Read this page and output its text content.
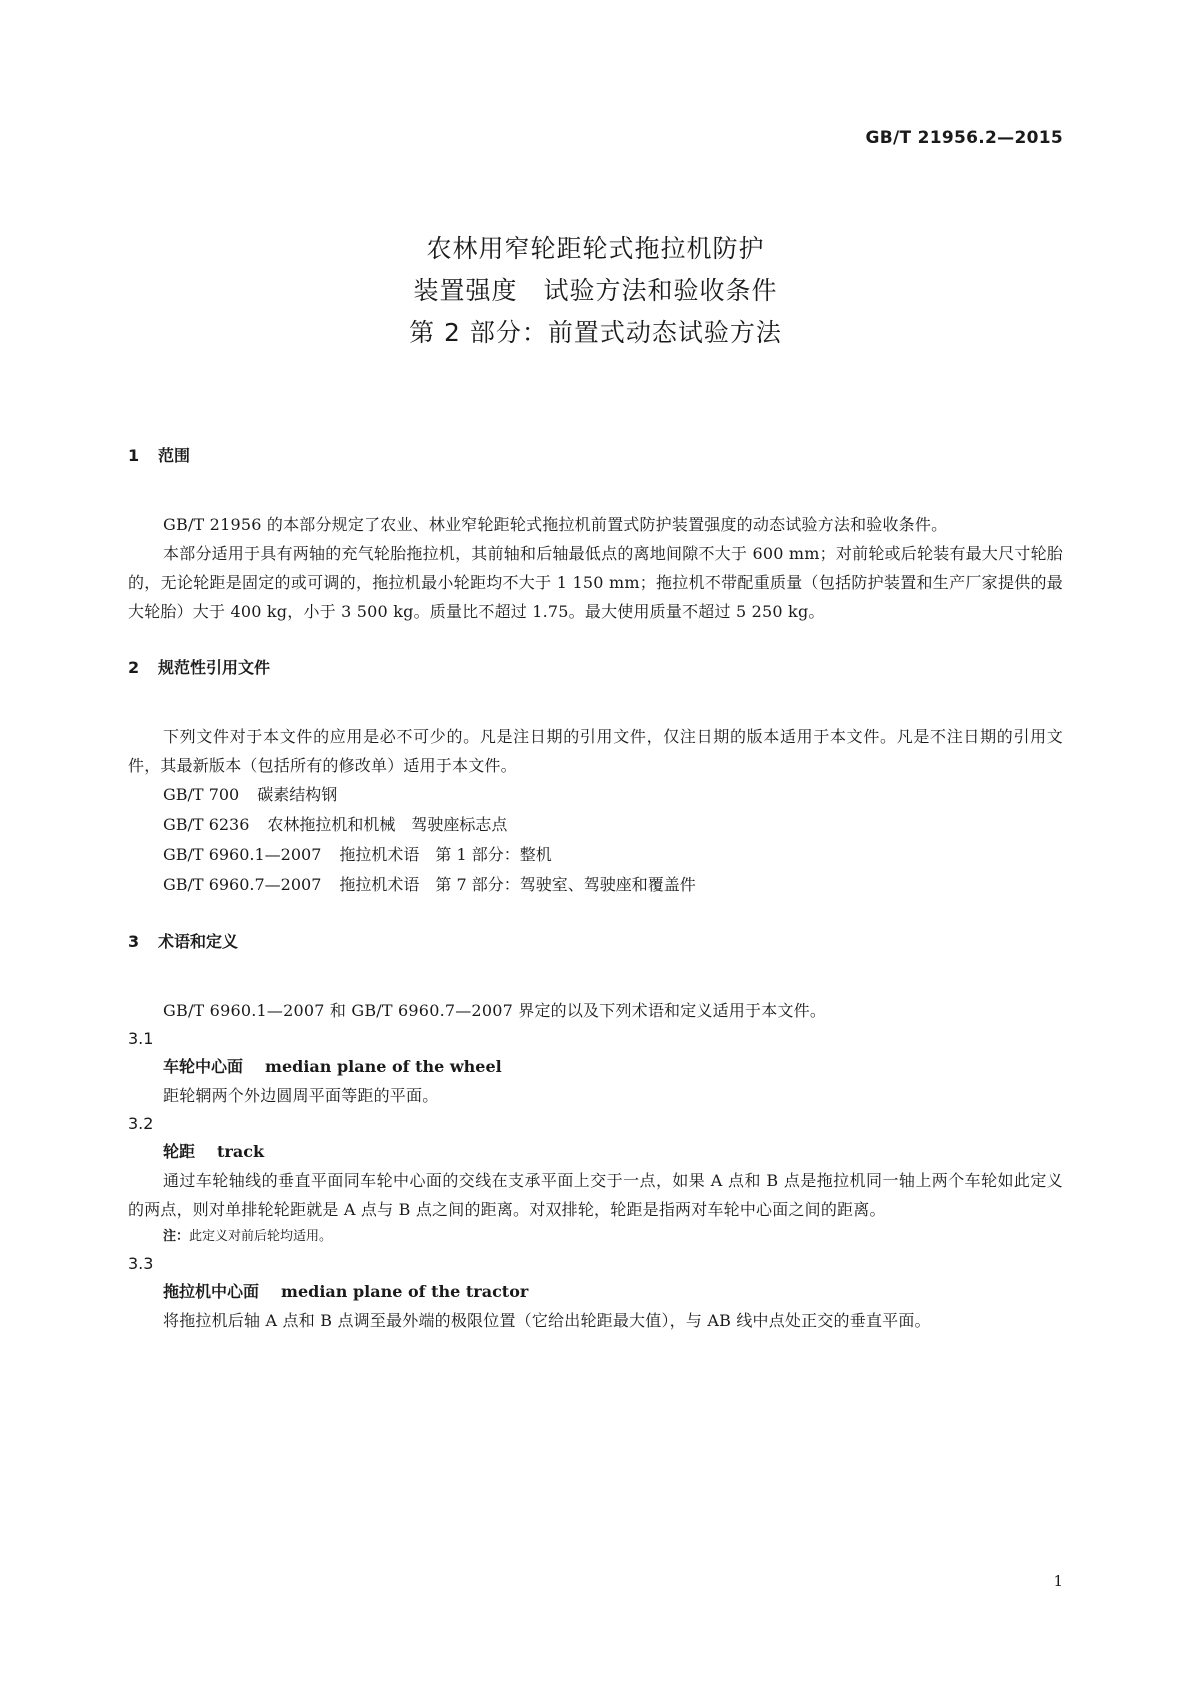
GB/T 21956.2—2015
农林用窄轮距轮式拖拉机防护
装置强度　试验方法和验收条件
第 2 部分：前置式动态试验方法
1 范围

GB/T 21956 的本部分规定了农业、林业窄轮距轮式拖拉机前置式防护装置强度的动态试验方法和验收条件。

本部分适用于具有两轴的充气轮胎拖拉机，其前轴和后轴最低点的离地间隙不大于 600 mm；对前轮或后轮装有最大尺寸轮胎的，无论轮距是固定的或可调的，拖拉机最小轮距均不大于 1 150 mm；拖拉机不带配重质量（包括防护装置和生产厂家提供的最大轮胎）大于 400 kg，小于 3 500 kg。质量比不超过 1.75。最大使用质量不超过 5 250 kg。

2 规范性引用文件

下列文件对于本文件的应用是必不可少的。凡是注日期的引用文件，仅注日期的版本适用于本文件。凡是不注日期的引用文件，其最新版本（包括所有的修改单）适用于本文件。

GB/T 700 碳素结构钢
GB/T 6236 农林拖拉机和机械　驾驶座标志点
GB/T 6960.1—2007 拖拉机术语　第 1 部分：整机
GB/T 6960.7—2007 拖拉机术语　第 7 部分：驾驶室、驾驶座和覆盖件
3 术语和定义

GB/T 6960.1—2007 和 GB/T 6960.7—2007 界定的以及下列术语和定义适用于本文件。

3.1
车轮中心面 median plane of the wheel

距轮辋两个外边圆周平面等距的平面。

3.2
轮距 track

通过车轮轴线的垂直平面同车轮中心面的交线在支承平面上交于一点，如果 A 点和 B 点是拖拉机同一轴上两个车轮如此定义的两点，则对单排轮轮距就是 A 点与 B 点之间的距离。对双排轮，轮距是指两对车轮中心面之间的距离。

注：此定义对前后轮均适用。
3.3
拖拉机中心面 median plane of the tractor

将拖拉机后轴 A 点和 B 点调至最外端的极限位置（它给出轮距最大值），与 AB 线中点处正交的垂直平面。

1
